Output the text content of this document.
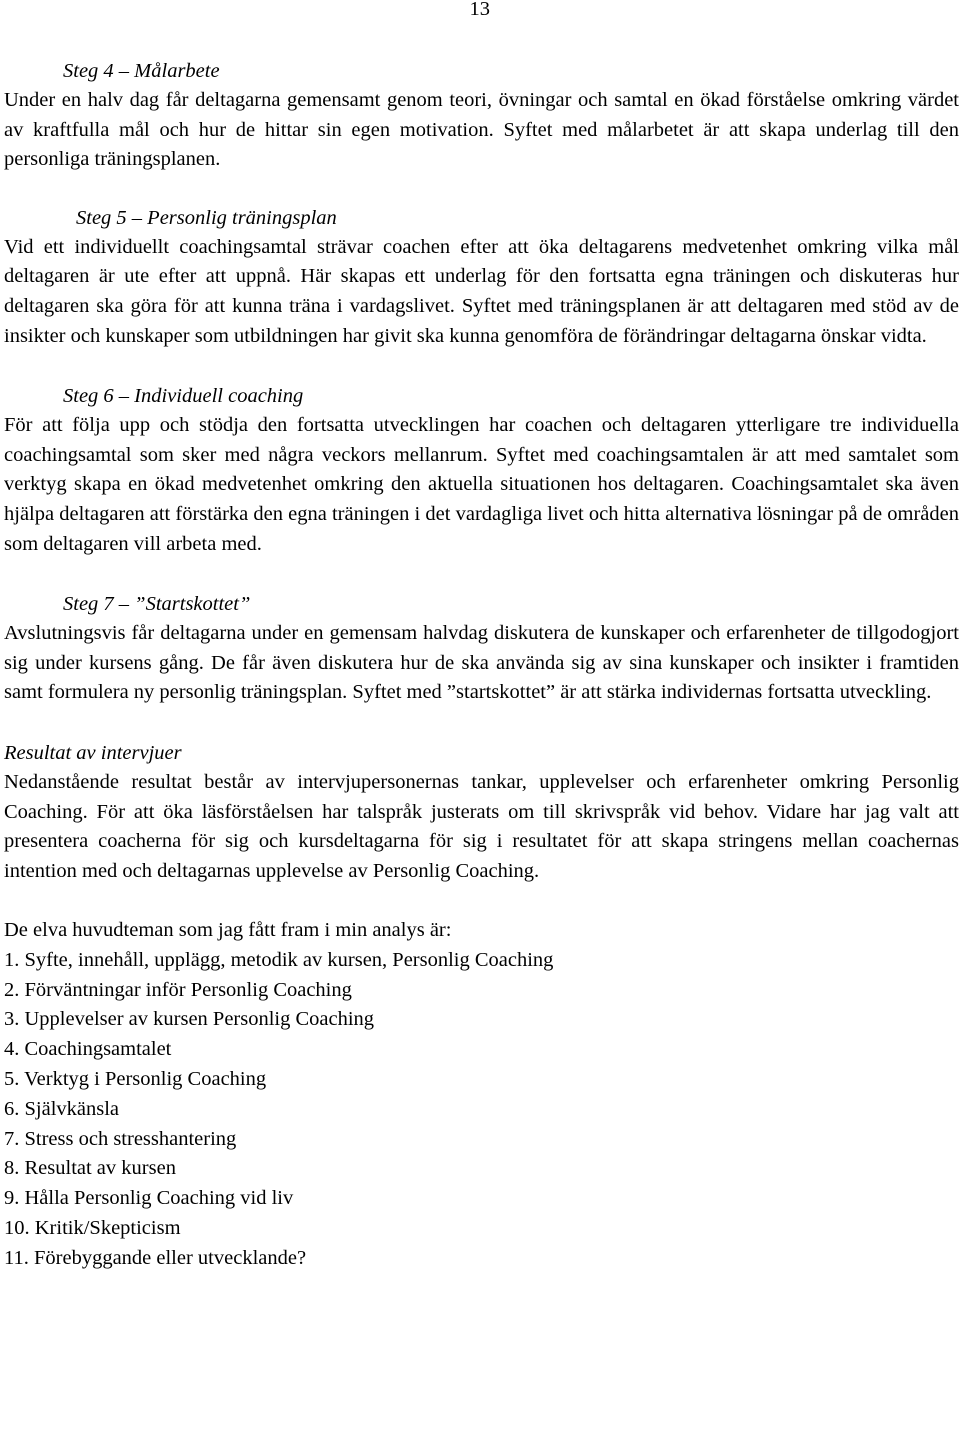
13

Steg 4 – Målarbete

Under en halv dag får deltagarna gemensamt genom teori, övningar och samtal en ökad förståelse omkring värdet av kraftfulla mål och hur de hittar sin egen motivation. Syftet med målarbetet är att skapa underlag till den personliga träningsplanen.

Steg 5 – Personlig träningsplan

Vid ett individuellt coachingsamtal strävar coachen efter att öka deltagarens medvetenhet omkring vilka mål deltagaren är ute efter att uppnå. Här skapas ett underlag för den fortsatta egna träningen och diskuteras hur deltagaren ska göra för att kunna träna i vardagslivet. Syftet med träningsplanen är att deltagaren med stöd av de insikter och kunskaper som utbildningen har givit ska kunna genomföra de förändringar deltagarna önskar vidta.

Steg 6 – Individuell coaching

För att följa upp och stödja den fortsatta utvecklingen har coachen och deltagaren ytterligare tre individuella coachingsamtal som sker med några veckors mellanrum. Syftet med coachingsamtalen är att med samtalet som verktyg skapa en ökad medvetenhet omkring den aktuella situationen hos deltagaren. Coachingsamtalet ska även hjälpa deltagaren att förstärka den egna träningen i det vardagliga livet och hitta alternativa lösningar på de områden som deltagaren vill arbeta med.

Steg 7 – ”Startskottet”

Avslutningsvis får deltagarna under en gemensam halvdag diskutera de kunskaper och erfarenheter de tillgodogjort sig under kursens gång. De får även diskutera hur de ska använda sig av sina kunskaper och insikter i framtiden samt formulera ny personlig träningsplan. Syftet med ”startskottet” är att stärka individernas fortsatta utveckling.

Resultat av intervjuer

Nedanstående resultat består av intervjupersonernas tankar, upplevelser och erfarenheter omkring Personlig Coaching. För att öka läsförståelsen har talspråk justerats om till skrivspråk vid behov. Vidare har jag valt att presentera coacherna för sig och kursdeltagarna för sig i resultatet för att skapa stringens mellan coachernas intention med och deltagarnas upplevelse av Personlig Coaching.

De elva huvudteman som jag fått fram i min analys är:

1. Syfte, innehåll, upplägg, metodik av kursen, Personlig Coaching
2. Förväntningar inför Personlig Coaching
3. Upplevelser av kursen Personlig Coaching
4. Coachingsamtalet
5. Verktyg i Personlig Coaching
6. Självkänsla
7. Stress och stresshantering
8. Resultat av kursen
9. Hålla Personlig Coaching vid liv
10. Kritik/Skepticism
11. Förebyggande eller utvecklande?
